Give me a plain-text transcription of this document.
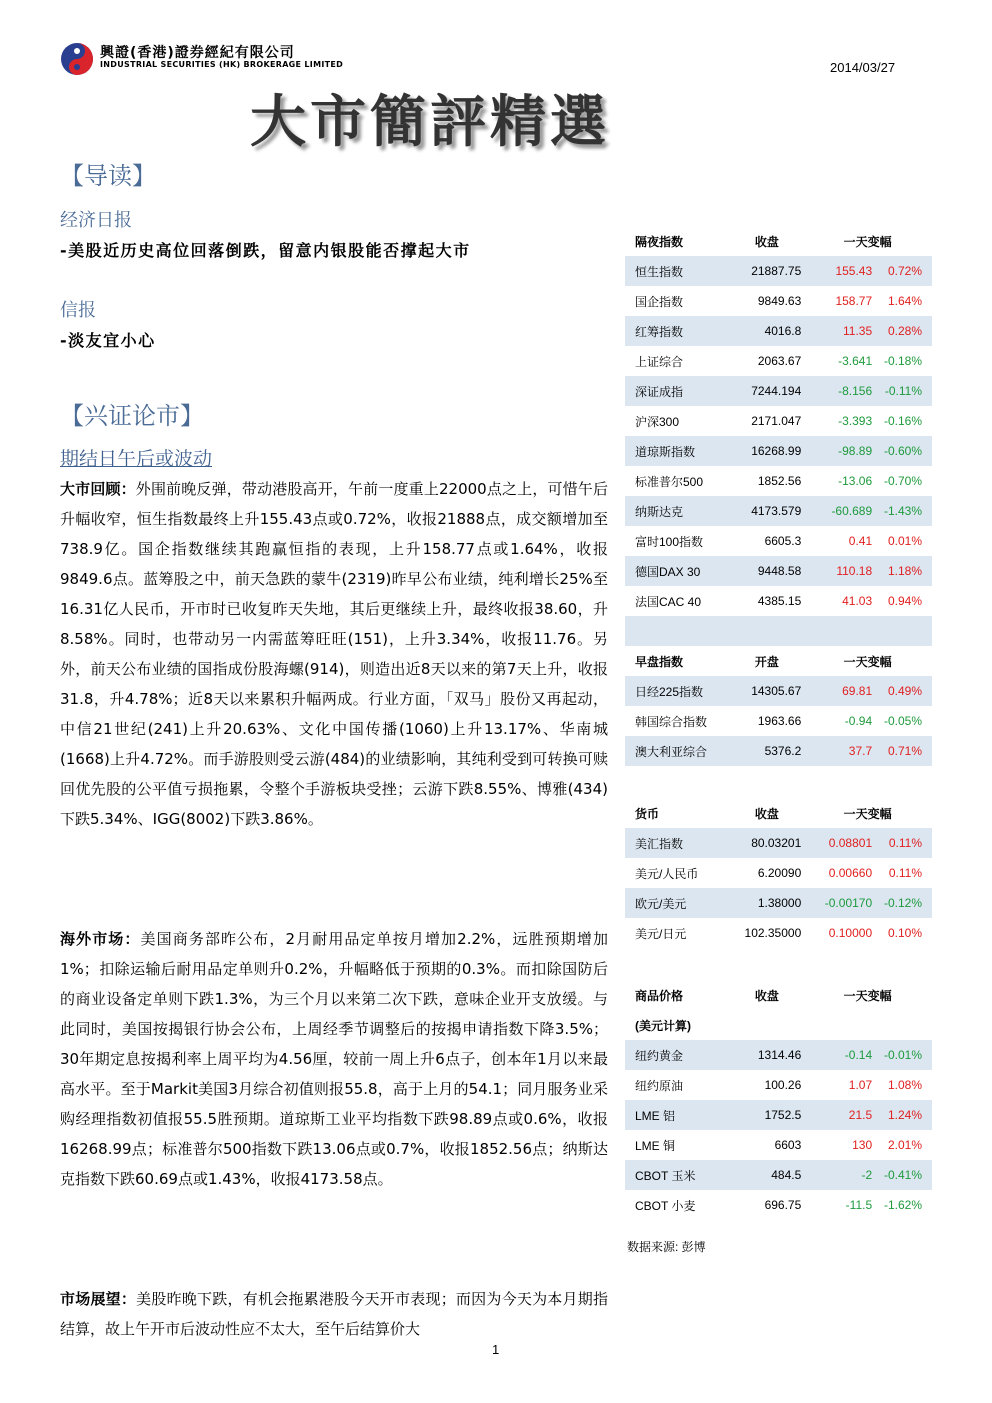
興證(香港)證券經紀有限公司
INDUSTRIAL SECURITIES (HK) BROKERAGE LIMITED	2014/03/27
大市簡評精選
【导读】
经济日报
-美股近历史高位回落倒跌，留意内银股能否撑起大市
信报
-淡友宜小心
【兴证论市】
期结日午后或波动
大市回顾：外围前晚反弹，带动港股高开，午前一度重上22000点之上，可惜午后升幅收窄，恒生指数最终上升155.43点或0.72%，收报21888点，成交额增加至738.9亿。国企指数继续其跑赢恒指的表现，上升158.77点或1.64%，收报9849.6点。蓝筹股之中，前天急跌的蒙牛(2319)昨早公布业绩，纯利增长25%至16.31亿人民币，开市时已收复昨天失地，其后更继续上升，最终收报38.60，升8.58%。同时，也带动另一内需蓝筹旺旺(151)，上升3.34%，收报11.76。另外，前天公布业绩的国指成份股海螺(914)，则造出近8天以来的第7天上升，收报31.8，升4.78%；近8天以来累积升幅两成。行业方面，「双马」股份又再起动，中信21世纪(241)上升20.63%、文化中国传播(1060)上升13.17%、华南城(1668)上升4.72%。而手游股则受云游(484)的业绩影响，其纯利受到可转换可赎回优先股的公平值亏损拖累，令整个手游板块受挫；云游下跌8.55%、博雅(434)下跌5.34%、IGG(8002)下跌3.86%。
海外市场：美国商务部昨公布，2月耐用品定单按月增加2.2%，远胜预期增加1%；扣除运输后耐用品定单则升0.2%，升幅略低于预期的0.3%。而扣除国防后的商业设备定单则下跌1.3%，为三个月以来第二次下跌，意味企业开支放缓。与此同时，美国按揭银行协会公布，上周经季节调整后的按揭申请指数下降3.5%；30年期定息按揭利率上周平均为4.56厘，较前一周上升6点子，创本年1月以来最高水平。至于Markit美国3月综合初值则报55.8，高于上月的54.1；同月服务业采购经理指数初值报55.5胜预期。道琼斯工业平均指数下跌98.89点或0.6%，收报16268.99点；标准普尔500指数下跌13.06点或0.7%，收报1852.56点；纳斯达克指数下跌60.69点或1.43%，收报4173.58点。
市场展望：美股昨晚下跌，有机会拖累港股今天开市表现；而因为今天为本月期指结算，故上午开市后波动性应不太大，至午后结算价大
隔夜指数	收盘	一天变幅	
恒生指数	21887.75	155.43	0.72%
国企指数	9849.63	158.77	1.64%
红筹指数	4016.8	11.35	0.28%
上证综合	2063.67	-3.641	-0.18%
深证成指	7244.194	-8.156	-0.11%
沪深300	2171.047	-3.393	-0.16%
道琼斯指数	16268.99	-98.89	-0.60%
标准普尔500	1852.56	-13.06	-0.70%
纳斯达克	4173.579	-60.689	-1.43%
富时100指数	6605.3	0.41	0.01%
德国DAX 30	9448.58	110.18	1.18%
法国CAC 40	4385.15	41.03	0.94%

早盘指数	开盘	一天变幅	
日经225指数	14305.67	69.81	0.49%
韩国综合指数	1963.66	-0.94	-0.05%
澳大利亚综合	5376.2	37.7	0.71%

货币	收盘	一天变幅	
美汇指数	80.03201	0.08801	0.11%
美元/人民币	6.20090	0.00660	0.11%
欧元/美元	1.38000	-0.00170	-0.12%
美元/日元	102.35000	0.10000	0.10%

商品价格	收盘	一天变幅	
(美元计算)			
纽约黄金	1314.46	-0.14	-0.01%
纽约原油	100.26	1.07	1.08%
LME 铝	1752.5	21.5	1.24%
LME 铜	6603	130	2.01%
CBOT 玉米	484.5	-2	-0.41%
CBOT 小麦	696.75	-11.5	-1.62%
数据来源: 彭博
1
